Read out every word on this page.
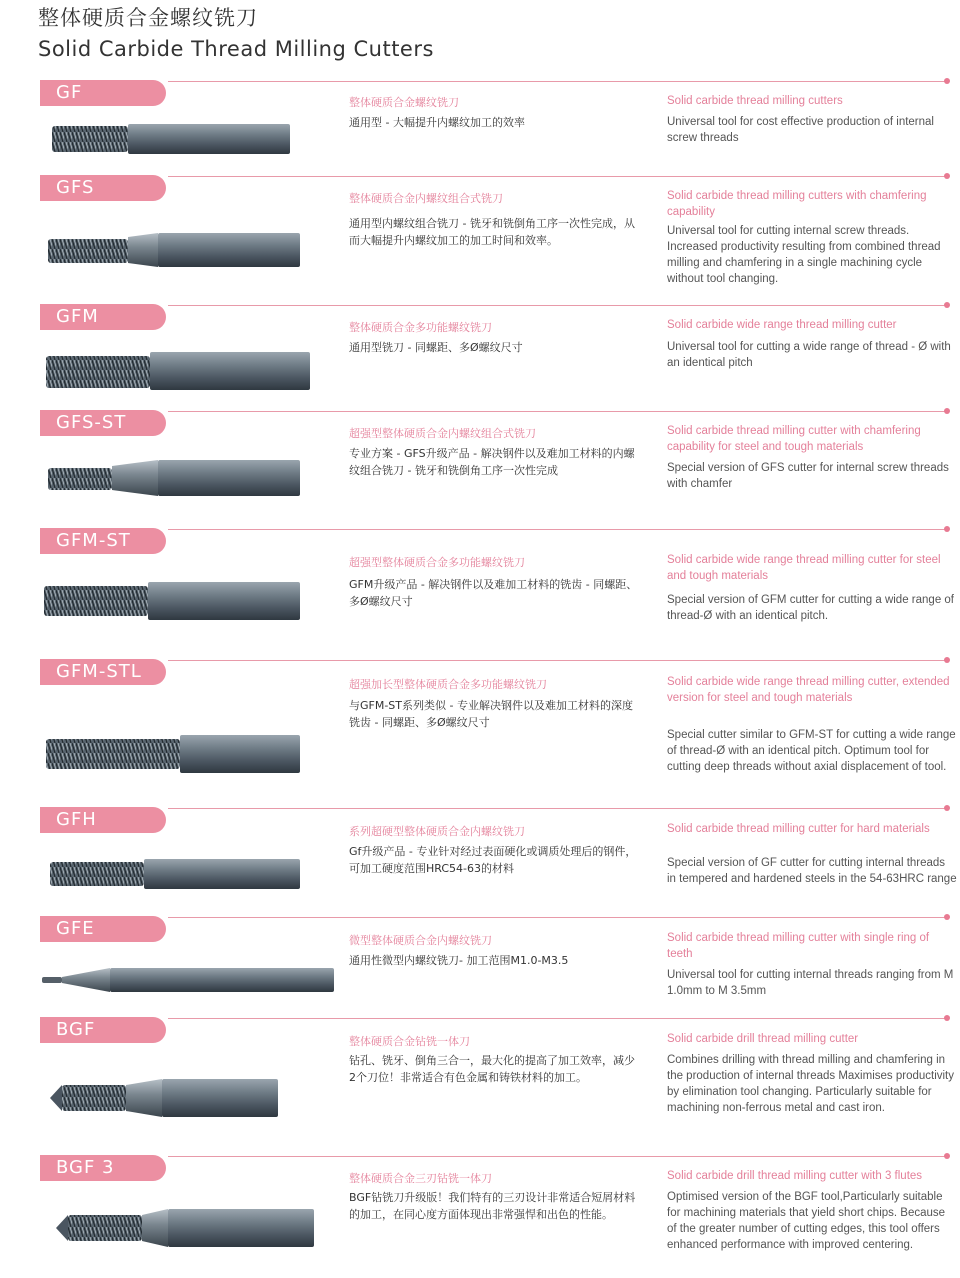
整体硬质合金螺纹铣刀
Solid Carbide Thread Milling Cutters
GF	整体硬质合金螺纹铣刀
通用型 - 大幅提升内螺纹加工的效率
Solid carbide thread milling cutters
Universal tool for cost effective production of internal screw threads
GFS
整体硬质合金内螺纹组合式铣刀
通用型内螺纹组合铣刀 - 铣牙和铣倒角工序一次性完成，从而大幅提升内螺纹加工的加工时间和效率。
Solid carbide thread milling cutters with chamfering capability
Universal tool for cutting internal screw threads. Increased productivity resulting from combined thread milling and chamfering in a single machining cycle without tool changing.
GFM
整体硬质合金多功能螺纹铣刀
通用型铣刀 - 同螺距、多Ø螺纹尺寸
Solid carbide wide range thread milling cutter
Universal tool for cutting a wide range of thread - Ø with an identical pitch
GFS-ST
超强型整体硬质合金内螺纹组合式铣刀
专业方案 - GFS升级产品 - 解决钢件以及难加工材料的内螺纹组合铣刀 - 铣牙和铣倒角工序一次性完成
Solid carbide thread milling cutter with chamfering capability for steel and tough materials
Special version of GFS cutter for internal screw threads with chamfer
GFM-ST
超强型整体硬质合金多功能螺纹铣刀
GFM升级产品 - 解决钢件以及难加工材料的铣齿 - 同螺距、多Ø螺纹尺寸
Solid carbide wide range thread milling cutter for steel and tough materials
Special version of GFM cutter for cutting a wide range of thread-Ø with an identical pitch.
GFM-STL
超强加长型整体硬质合金多功能螺纹铣刀
与GFM-ST系列类似 - 专业解决钢件以及难加工材料的深度铣齿 - 同螺距、多Ø螺纹尺寸
Solid carbide wide range thread milling cutter, extended version for steel and tough materials
Special cutter similar to GFM-ST for cutting a wide range of thread-Ø with an identical pitch. Optimum tool for cutting deep threads without axial displacement of tool.
GFH
系列超硬型整体硬质合金内螺纹铣刀
Gf升级产品 - 专业针对经过表面硬化或调质处理后的钢件，可加工硬度范围HRC54-63的材料
Solid carbide thread milling cutter for hard materials
Special version of GF cutter for cutting internal threads in tempered and hardened steels in the 54-63HRC range
GFE
微型整体硬质合金内螺纹铣刀
通用性微型内螺纹铣刀- 加工范围M1.0-M3.5
Solid carbide thread milling cutter with single ring of teeth
Universal tool for cutting internal threads ranging from M 1.0mm to M 3.5mm
BGF
整体硬质合金钻铣一体刀
钻孔、铣牙、倒角三合一，最大化的提高了加工效率，减少2个刀位！非常适合有色金属和铸铁材料的加工。
Solid carbide drill thread milling cutter
Combines drilling with thread milling and chamfering in the production of internal threads Maximises productivity by elimination tool changing. Particularly suitable for machining non-ferrous metal and cast iron.
BGF 3
整体硬质合金三刃钻铣一体刀
BGF钻铣刀升级版！我们特有的三刃设计非常适合短屑材料的加工，在同心度方面体现出非常强悍和出色的性能。
Solid carbide drill thread milling cutter with 3 flutes
Optimised version of the BGF tool,Particularly suitable for machining materials that yield short chips. Because of the greater number of cutting edges, this tool offers enhanced performance with improved centering.
